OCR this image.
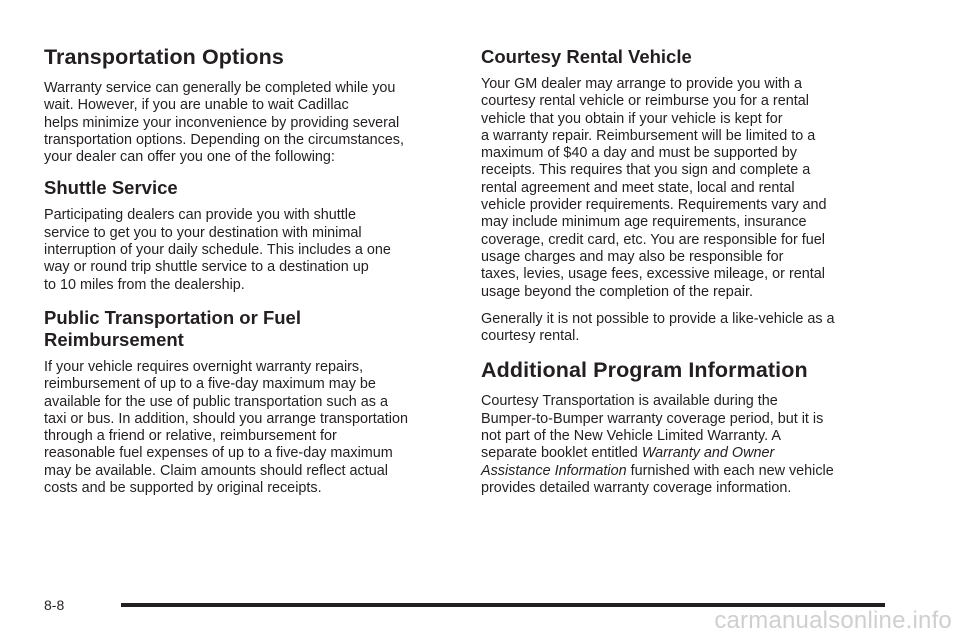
Transportation Options

Warranty service can generally be completed while you
wait. However, if you are unable to wait Cadillac
helps minimize your inconvenience by providing several
transportation options. Depending on the circumstances,
your dealer can offer you one of the following:

Shuttle Service

Participating dealers can provide you with shuttle
service to get you to your destination with minimal
interruption of your daily schedule. This includes a one
way or round trip shuttle service to a destination up
to 10 miles from the dealership.

Public Transportation or Fuel
Reimbursement

If your vehicle requires overnight warranty repairs,
reimbursement of up to a five-day maximum may be
available for the use of public transportation such as a
taxi or bus. In addition, should you arrange transportation
through a friend or relative, reimbursement for
reasonable fuel expenses of up to a five-day maximum
may be available. Claim amounts should reflect actual
costs and be supported by original receipts.

Courtesy Rental Vehicle

Your GM dealer may arrange to provide you with a
courtesy rental vehicle or reimburse you for a rental
vehicle that you obtain if your vehicle is kept for
a warranty repair. Reimbursement will be limited to a
maximum of $40 a day and must be supported by
receipts. This requires that you sign and complete a
rental agreement and meet state, local and rental
vehicle provider requirements. Requirements vary and
may include minimum age requirements, insurance
coverage, credit card, etc. You are responsible for fuel
usage charges and may also be responsible for
taxes, levies, usage fees, excessive mileage, or rental
usage beyond the completion of the repair.

Generally it is not possible to provide a like-vehicle as a
courtesy rental.

Additional Program Information

Courtesy Transportation is available during the
Bumper-to-Bumper warranty coverage period, but it is
not part of the New Vehicle Limited Warranty. A
separate booklet entitled Warranty and Owner
Assistance Information furnished with each new vehicle
provides detailed warranty coverage information.

8-8
carmanualsonline.info
